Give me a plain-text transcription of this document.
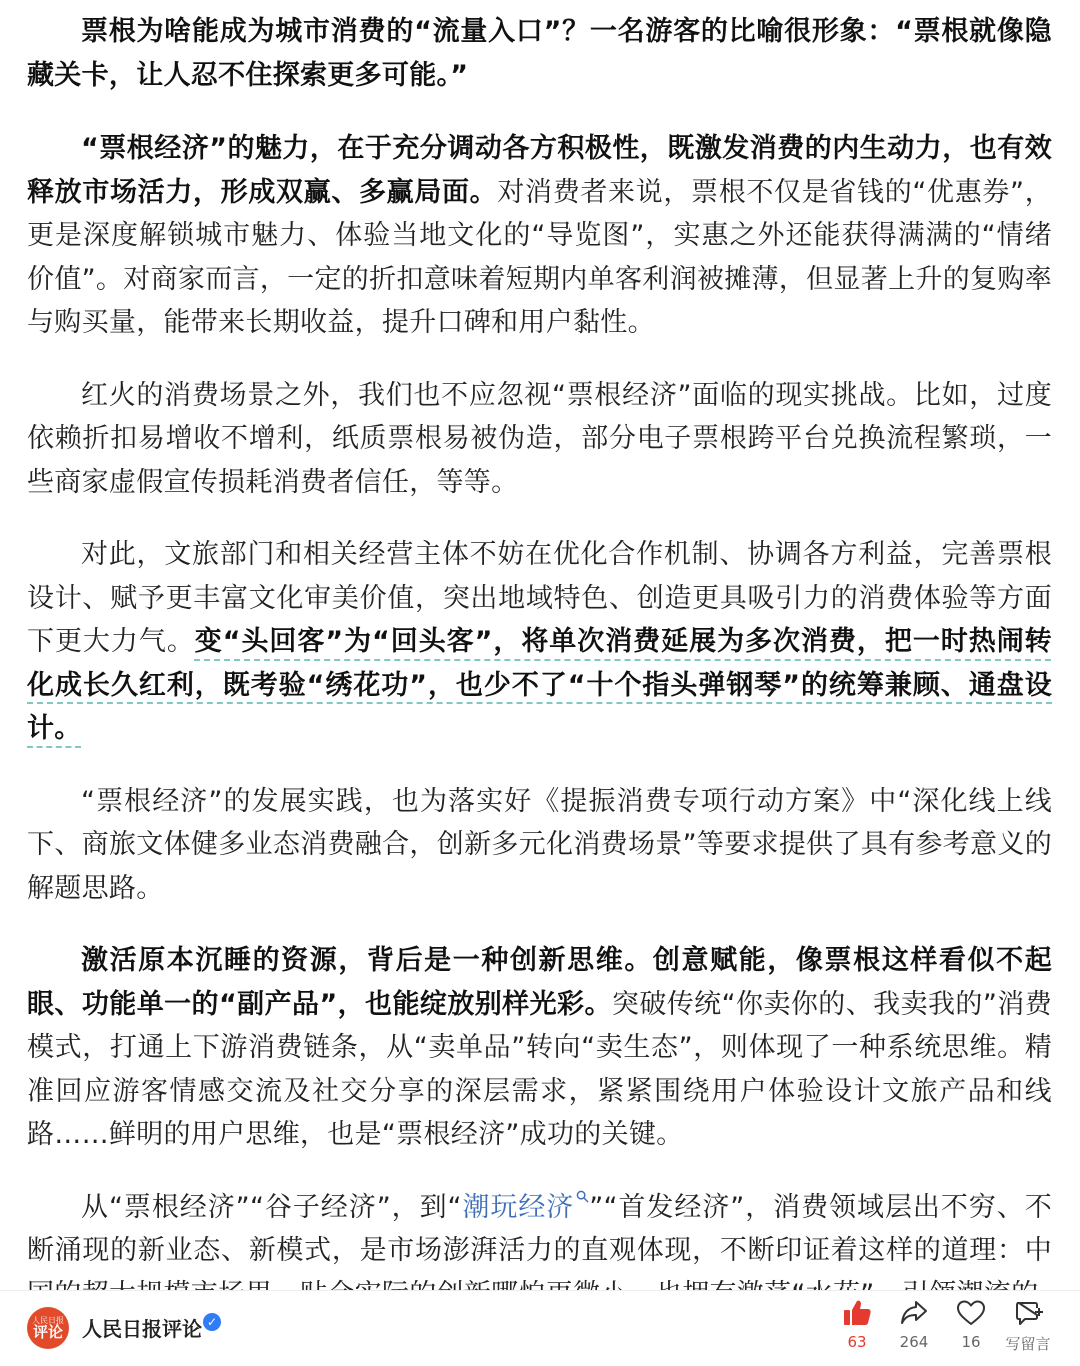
票根为啥能成为城市消费的“流量入口”？一名游客的比喻很形象：“票根就像隐藏关卡，让人忍不住探索更多可能。”

“票根经济”的魅力，在于充分调动各方积极性，既激发消费的内生动力，也有效释放市场活力，形成双赢、多赢局面。对消费者来说，票根不仅是省钱的“优惠券”，更是深度解锁城市魅力、体验当地文化的“导览图”，实惠之外还能获得满满的“情绪价值”。对商家而言，一定的折扣意味着短期内单客利润被摊薄，但显著上升的复购率与购买量，能带来长期收益，提升口碑和用户黏性。

红火的消费场景之外，我们也不应忽视“票根经济”面临的现实挑战。比如，过度依赖折扣易增收不增利，纸质票根易被伪造，部分电子票根跨平台兑换流程繁琐，一些商家虚假宣传损耗消费者信任，等等。

对此，文旅部门和相关经营主体不妨在优化合作机制、协调各方利益，完善票根设计、赋予更丰富文化审美价值，突出地域特色、创造更具吸引力的消费体验等方面下更大力气。变“头回客”为“回头客”，将单次消费延展为多次消费，把一时热闹转化成长久红利，既考验“绣花功”，也少不了“十个指头弹钢琴”的统筹兼顾、通盘设计。

“票根经济”的发展实践，也为落实好《提振消费专项行动方案》中“深化线上线下、商旅文体健多业态消费融合，创新多元化消费场景”等要求提供了具有参考意义的解题思路。

激活原本沉睡的资源，背后是一种创新思维。创意赋能，像票根这样看似不起眼、功能单一的“副产品”，也能绽放别样光彩。突破传统“你卖你的、我卖我的”消费模式，打通上下游消费链条，从“卖单品”转向“卖生态”，则体现了一种系统思维。精准回应游客情感交流及社交分享的深层需求，紧紧围绕用户体验设计文旅产品和线路……鲜明的用户思维，也是“票根经济”成功的关键。

从“票根经济”“谷子经济”，到“潮玩经济 ”“首发经济”，消费领域层出不穷、不断涌现的新业态、新模式，是市场澎湃活力的直观体现，不断印证着这样的道理：中

人民日报
评论 人民日报评论 ✓
63	264	16	写留言
